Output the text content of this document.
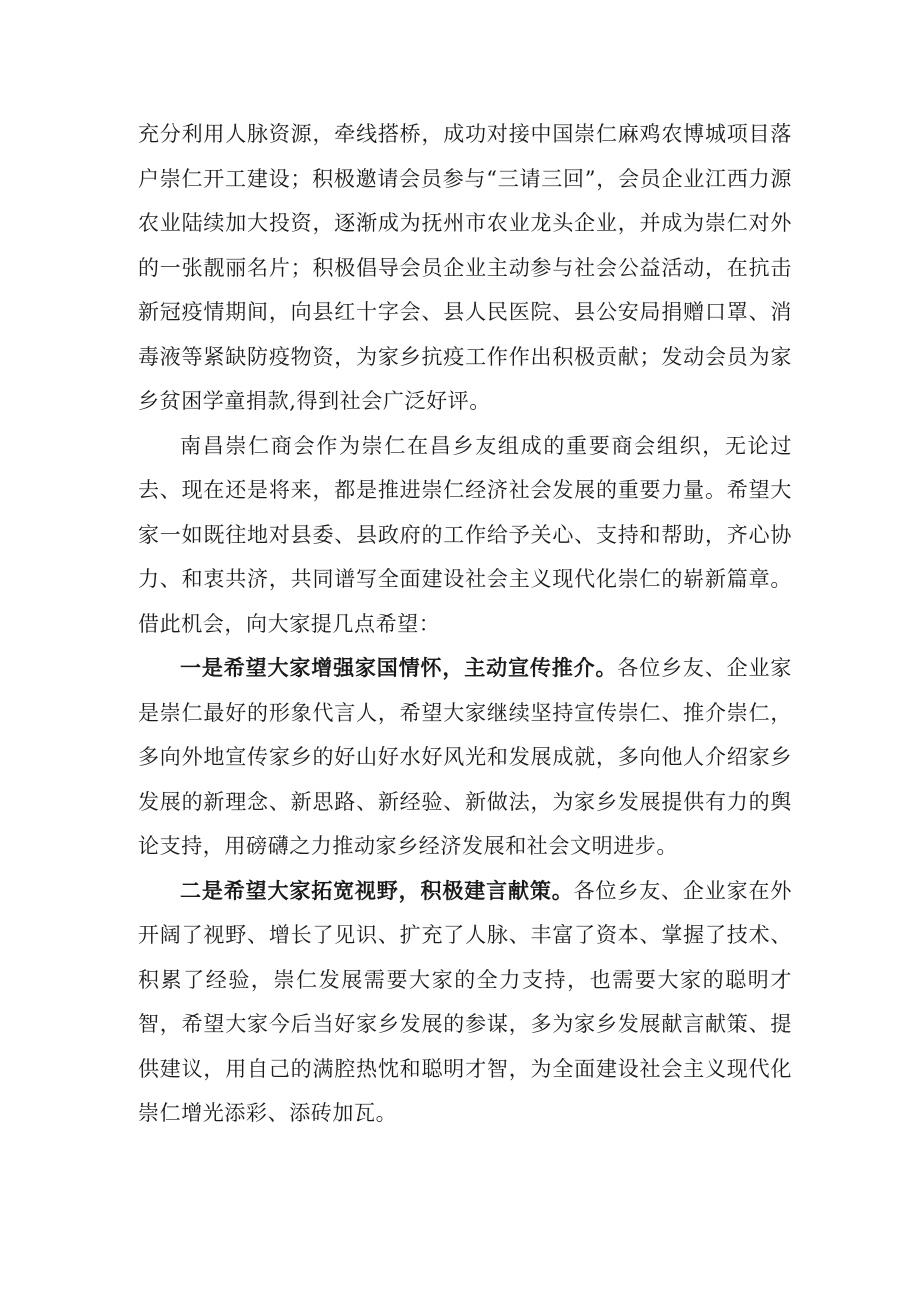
充分利用人脉资源，牵线搭桥，成功对接中国崇仁麻鸡农博城项目落户崇仁开工建设；积极邀请会员参与“三请三回”，会员企业江西力源农业陆续加大投资，逐渐成为抚州市农业龙头企业，并成为崇仁对外的一张靓丽名片；积极倡导会员企业主动参与社会公益活动，在抗击新冠疫情期间，向县红十字会、县人民医院、县公安局捐赠口罩、消毒液等紧缺防疫物资，为家乡抗疫工作作出积极贡献；发动会员为家乡贫困学童捐款,得到社会广泛好评。

南昌崇仁商会作为崇仁在昌乡友组成的重要商会组织，无论过去、现在还是将来，都是推进崇仁经济社会发展的重要力量。希望大家一如既往地对县委、县政府的工作给予关心、支持和帮助，齐心协力、和衷共济，共同谱写全面建设社会主义现代化崇仁的崭新篇章。借此机会，向大家提几点希望：

一是希望大家增强家国情怀，主动宣传推介。各位乡友、企业家是崇仁最好的形象代言人，希望大家继续坚持宣传崇仁、推介崇仁，多向外地宣传家乡的好山好水好风光和发展成就，多向他人介绍家乡发展的新理念、新思路、新经验、新做法，为家乡发展提供有力的舆论支持，用磅礴之力推动家乡经济发展和社会文明进步。

二是希望大家拓宽视野，积极建言献策。各位乡友、企业家在外开阔了视野、增长了见识、扩充了人脉、丰富了资本、掌握了技术、积累了经验，崇仁发展需要大家的全力支持，也需要大家的聪明才智，希望大家今后当好家乡发展的参谋，多为家乡发展献言献策、提供建议，用自己的满腔热忱和聪明才智，为全面建设社会主义现代化崇仁增光添彩、添砖加瓦。
